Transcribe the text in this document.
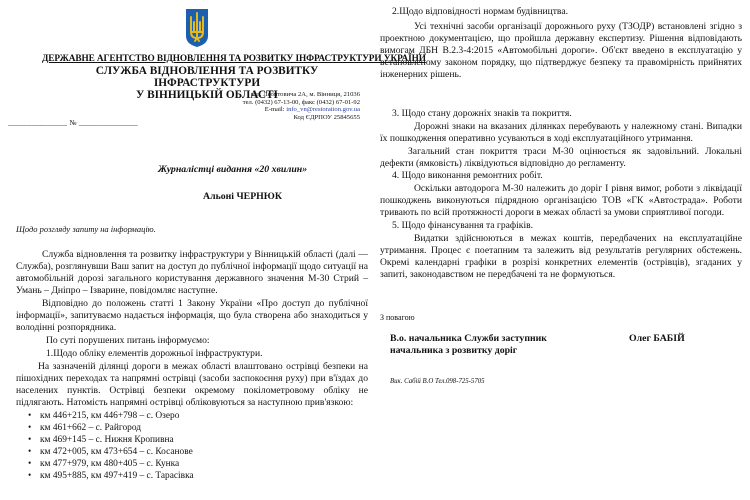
ДЕРЖАВНЕ АГЕНТСТВО ВІДНОВЛЕННЯ ТА РОЗВИТКУ ІНФРАСТРУКТУРИ УКРАЇНИ
СЛУЖБА ВІДНОВЛЕННЯ ТА РОЗВИТКУ ІНФРАСТРУКТУРИ
У ВІННИЦЬКІЙ ОБЛАСТІ
вул. Леонтовича 2А, м. Вінниця, 21036
тел. (0432) 67-13-00, факс (0432) 67-01-92
E-mail: info_vn@restoration.gov.ua
Код ЄДРПОУ 25845655
_______________ № _______________
Журналістці видання «20 хвилин»
Альоні ЧЕРНЮК
Щодо розгляду запиту на інформацію.
Служба відновлення та розвитку інфраструктури у Вінницькій області (далі — Служба), розглянувши Ваш запит на доступ до публічної інформації щодо ситуації на автомобільній дорозі загального користування державного значення М-30 Стрий – Умань – Дніпро – Ізварине, повідомляє наступне.
Відповідно до положень статті 1 Закону України «Про доступ до публічної інформації», запитуваємо надається інформація, що була створена або знаходиться у володінні розпорядника.
По суті порушених питань інформуємо:
1.Щодо обліку елементів дорожньої інфраструктури.
На зазначеній ділянці дороги в межах області влаштовано острівці безпеки на пішохідних переходах та напрямні острівці (засоби заспокоєння руху) при в'їздах до населених пунктів. Острівці безпеки окремому покілометровому обліку не підлягають. Натомість напрямні острівці обліковуються за наступною прив'язкою:
• км 446+215, км 446+798 – с. Озеро
• км 461+662 – с. Райгород
• км 469+145 – с. Нижня Кропивна
• км 472+005, км 473+654 – с. Косанове
• км 477+979, км 480+405 – с. Кунка
• км 495+885, км 497+419 – с. Тарасівка
2.Щодо відповідності нормам будівництва.
Усі технічні засоби організації дорожнього руху (ТЗОДР) встановлені згідно з проектною документацією, що пройшла державну експертизу. Рішення відповідають вимогам ДБН В.2.3-4:2015 «Автомобільні дороги». Об'єкт введено в експлуатацію у встановленому законом порядку, що підтверджує безпеку та правомірність прийнятих інженерних рішень.
3. Щодо стану дорожніх знаків та покриття.
Дорожні знаки на вказаних ділянках перебувають у належному стані. Випадки їх пошкодження оперативно усуваються в ході експлуатаційного утримання.
Загальний стан покриття траси М-30 оцінюється як задовільний. Локальні дефекти (ямковість) ліквідуються відповідно до регламенту.
4. Щодо виконання ремонтних робіт.
Оскільки автодорога М-30 належить до доріг І рівня вимог, роботи з ліквідації пошкоджень виконуються підрядною організацією ТОВ «ГК «Автострада». Роботи тривають по всій протяжності дороги в межах області за умови сприятливої погоди.
5. Щодо фінансування та графіків.
Видатки здійснюються в межах коштів, передбачених на експлуатаційне утримання. Процес є поетапним та залежить від результатів регулярних обстежень. Окремі календарні графіки в розрізі конкретних елементів (острівців), згаданих у запиті, законодавством не передбачені та не формуються.
З повагою
В.о. начальника Служби заступник
начальника з розвитку доріг
Олег БАБІЙ
Вик. Сабій В.О Тел.098-725-5705
